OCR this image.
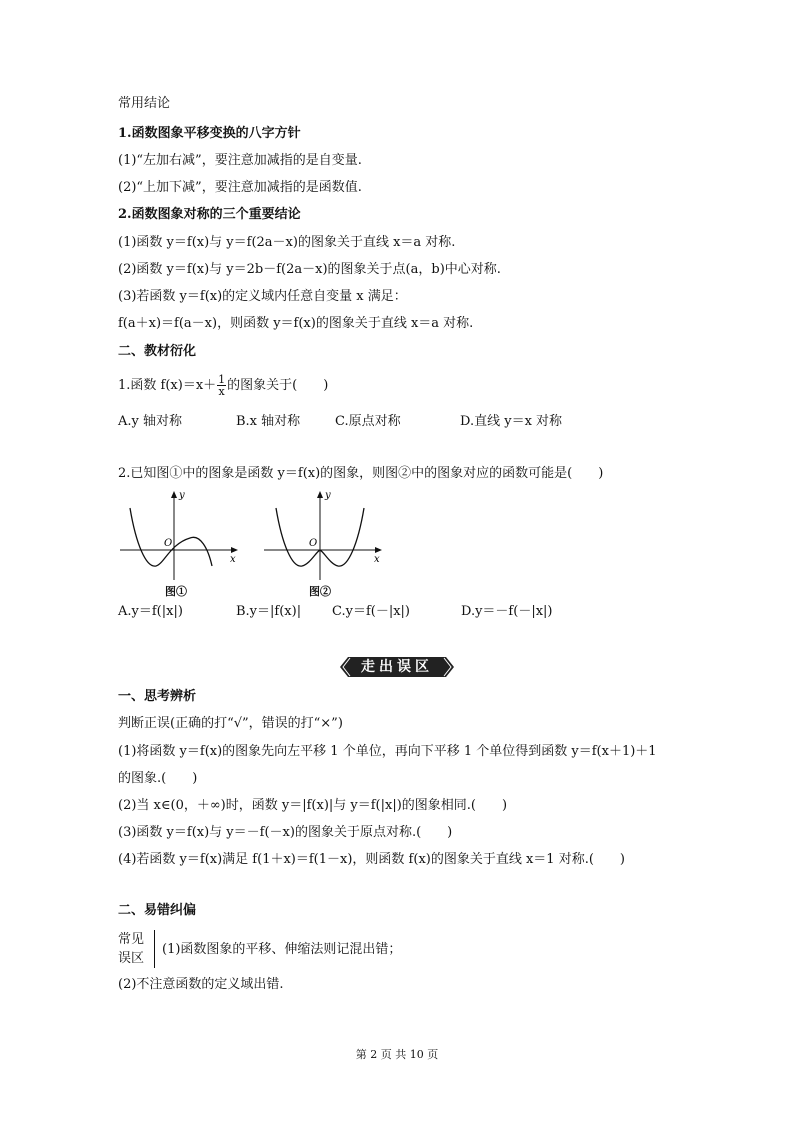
常用结论
1.函数图象平移变换的八字方针
(1)“左加右减”，要注意加减指的是自变量.
(2)“上加下减”，要注意加减指的是函数值.
2.函数图象对称的三个重要结论
(1)函数 y＝f(x)与 y＝f(2a－x)的图象关于直线 x＝a 对称.
(2)函数 y＝f(x)与 y＝2b－f(2a－x)的图象关于点(a，b)中心对称.
(3)若函数 y＝f(x)的定义域内任意自变量 x 满足：
f(a＋x)＝f(a－x)，则函数 y＝f(x)的图象关于直线 x＝a 对称.
二、教材衍化
1.函数 $f(x)=x+ \frac{1}{x}$ 的图象关于(　　)
A.y 轴对称	B.x 轴对称	C.原点对称	D.直线 y＝x 对称
2.已知图①中的图象是函数 y＝f(x)的图象，则图②中的图象对应的函数可能是(　　)
y
O
x
图①
y
O
x
图②
A.y＝f(|x|)	B.y＝|f(x)| C.y＝f(－|x|)	D.y＝－f(－|x|)
走出误区
一、思考辨析
判断正误(正确的打“√”，错误的打“×”)
(1)将函数 y＝f(x)的图象先向左平移 1 个单位，再向下平移 1 个单位得到函数 y＝f(x＋1)＋1
的图象.(　　)
(2)当 x∈(0，＋∞)时，函数 y＝|f(x)|与 y＝f(|x|)的图象相同.(　　)
(3)函数 y＝f(x)与 y＝－f(－x)的图象关于原点对称.(　　)
(4)若函数 y＝f(x)满足 f(1＋x)＝f(1－x)，则函数 f(x)的图象关于直线 x＝1 对称.(　　)
二、易错纠偏
常见
误区
(1)函数图象的平移、伸缩法则记混出错；
(2)不注意函数的定义域出错.
第 2 页 共 10 页
